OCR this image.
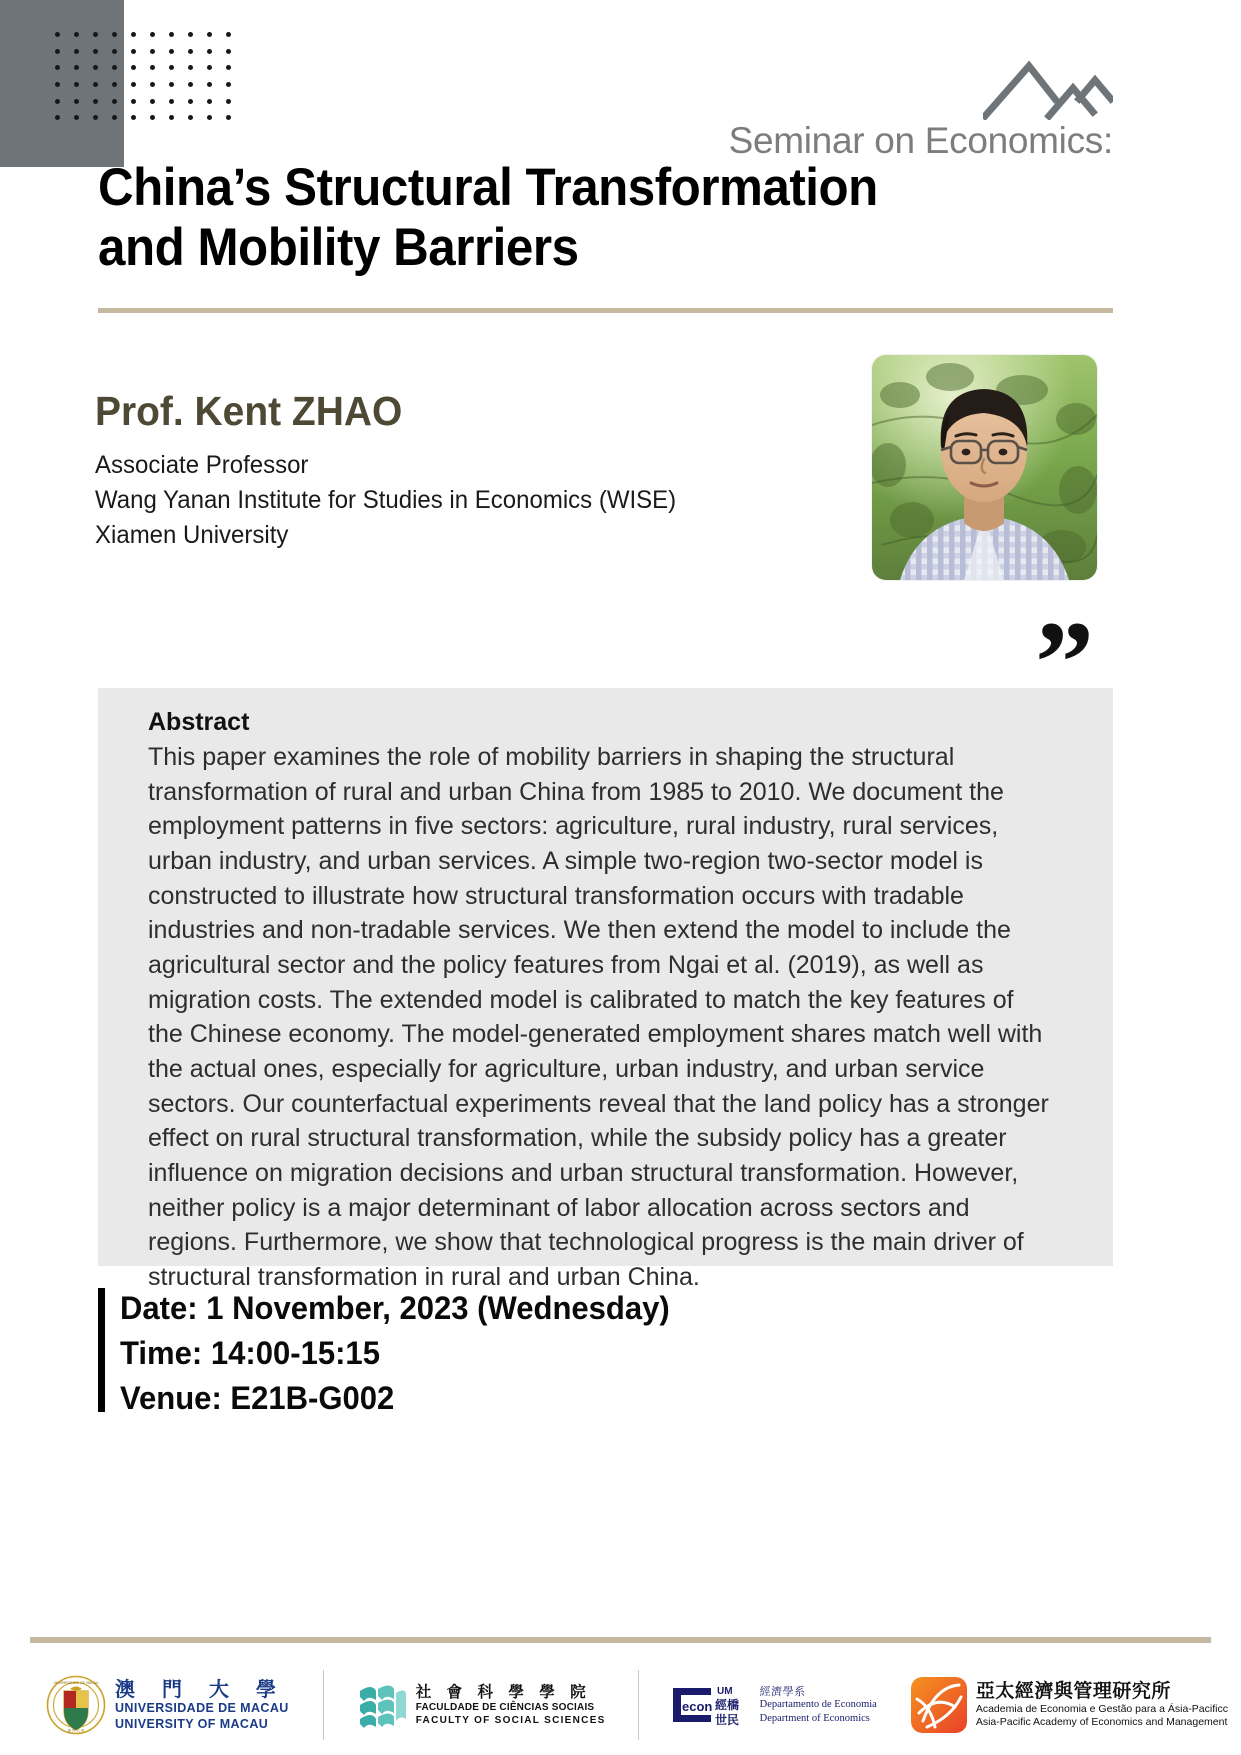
Seminar on Economics:
China’s Structural Transformation
and Mobility Barriers
Prof. Kent ZHAO
Associate Professor
Wang Yanan Institute for Studies in Economics (WISE)
Xiamen University
”
Abstract
This paper examines the role of mobility barriers in shaping the structural transformation of rural and urban China from 1985 to 2010. We document the employment patterns in five sectors: agriculture, rural industry, rural services, urban industry, and urban services. A simple two-region two-sector model is constructed to illustrate how structural transformation occurs with tradable industries and non-tradable services. We then extend the model to include the agricultural sector and the policy features from Ngai et al. (2019), as well as migration costs. The extended model is calibrated to match the key features of the Chinese economy. The model-generated employment shares match well with the actual ones, especially for agriculture, urban industry, and urban service sectors. Our counterfactual experiments reveal that the land policy has a stronger effect on rural structural transformation, while the subsidy policy has a greater influence on migration decisions and urban structural transformation. However, neither policy is a major determinant of labor allocation across sectors and regions. Furthermore, we show that technological progress is the main driver of structural transformation in rural and urban China.
Date: 1 November, 2023 (Wednesday)
Time: 14:00-15:15
Venue: E21B-G002
UNIVERSIDADE DE MACAU
澳 門 大 學
澳 門 大 學
UNIVERSIDADE DE MACAU
UNIVERSITY OF MACAU
社 會 科 學 學 院
FACULDADE DE CIÊNCIAS SOCIAIS
FACULTY OF SOCIAL SCIENCES
econ
UM
經橋
世民
經濟學系
Departamento de Economia
Department of Economics
亞太經濟與管理研究所
Academia de Economia e Gestão para a Ásia-Pacificc
Asia-Pacific Academy of Economics and Management
